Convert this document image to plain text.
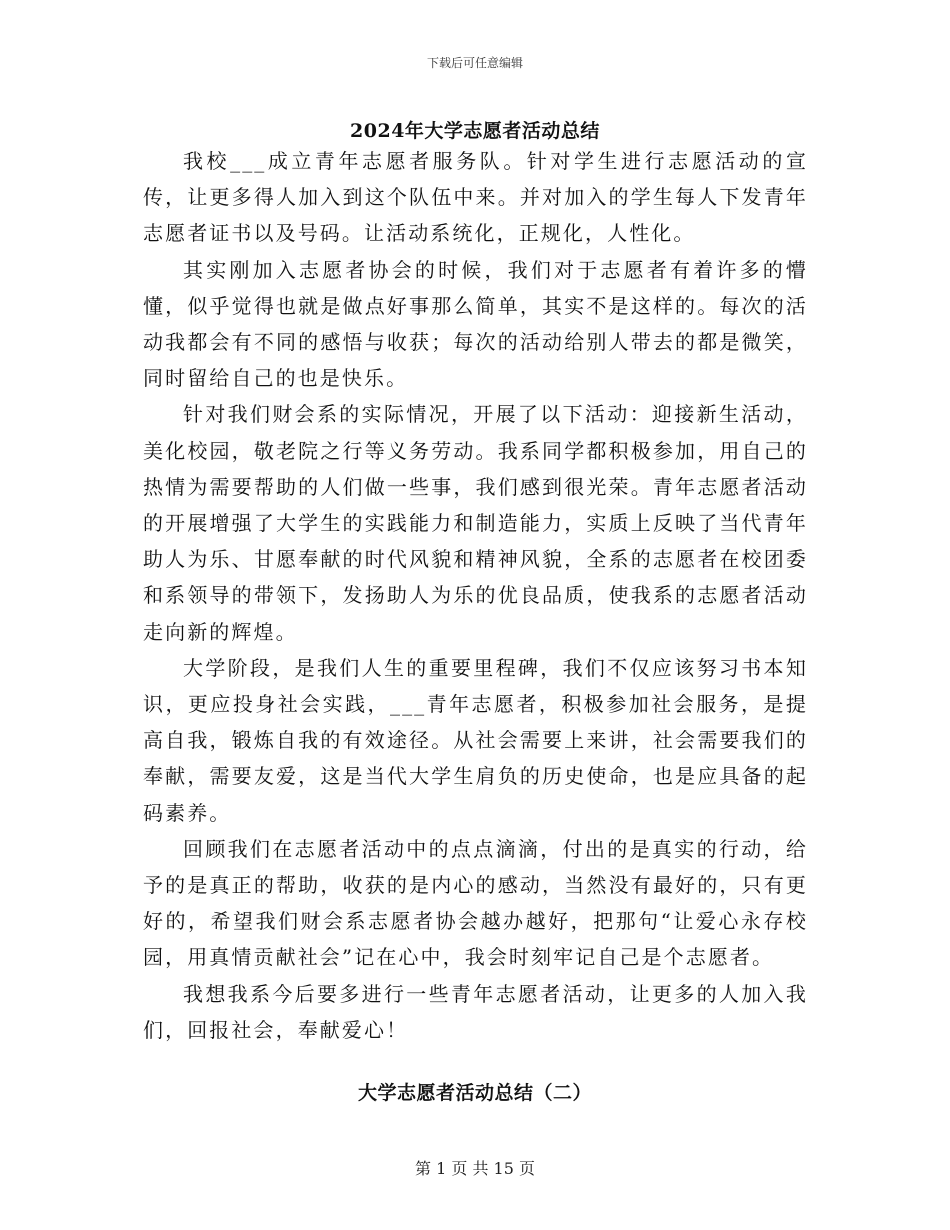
下载后可任意编辑
2024年大学志愿者活动总结

我校___成立青年志愿者服务队。针对学生进行志愿活动的宣传，让更多得人加入到这个队伍中来。并对加入的学生每人下发青年志愿者证书以及号码。让活动系统化，正规化，人性化。

其实刚加入志愿者协会的时候，我们对于志愿者有着许多的懵懂，似乎觉得也就是做点好事那么简单，其实不是这样的。每次的活动我都会有不同的感悟与收获；每次的活动给别人带去的都是微笑，同时留给自己的也是快乐。

针对我们财会系的实际情况，开展了以下活动：迎接新生活动，美化校园，敬老院之行等义务劳动。我系同学都积极参加，用自己的热情为需要帮助的人们做一些事，我们感到很光荣。青年志愿者活动的开展增强了大学生的实践能力和制造能力，实质上反映了当代青年助人为乐、甘愿奉献的时代风貌和精神风貌，全系的志愿者在校团委和系领导的带领下，发扬助人为乐的优良品质，使我系的志愿者活动走向新的辉煌。

大学阶段，是我们人生的重要里程碑，我们不仅应该努习书本知识，更应投身社会实践，___青年志愿者，积极参加社会服务，是提高自我，锻炼自我的有效途径。从社会需要上来讲，社会需要我们的奉献，需要友爱，这是当代大学生肩负的历史使命，也是应具备的起码素养。

回顾我们在志愿者活动中的点点滴滴，付出的是真实的行动，给予的是真正的帮助，收获的是内心的感动，当然没有最好的，只有更好的，希望我们财会系志愿者协会越办越好，把那句“让爱心永存校园，用真情贡献社会”记在心中，我会时刻牢记自己是个志愿者。

我想我系今后要多进行一些青年志愿者活动，让更多的人加入我们，回报社会，奉献爱心！

大学志愿者活动总结（二）
第 1 页 共 15 页
